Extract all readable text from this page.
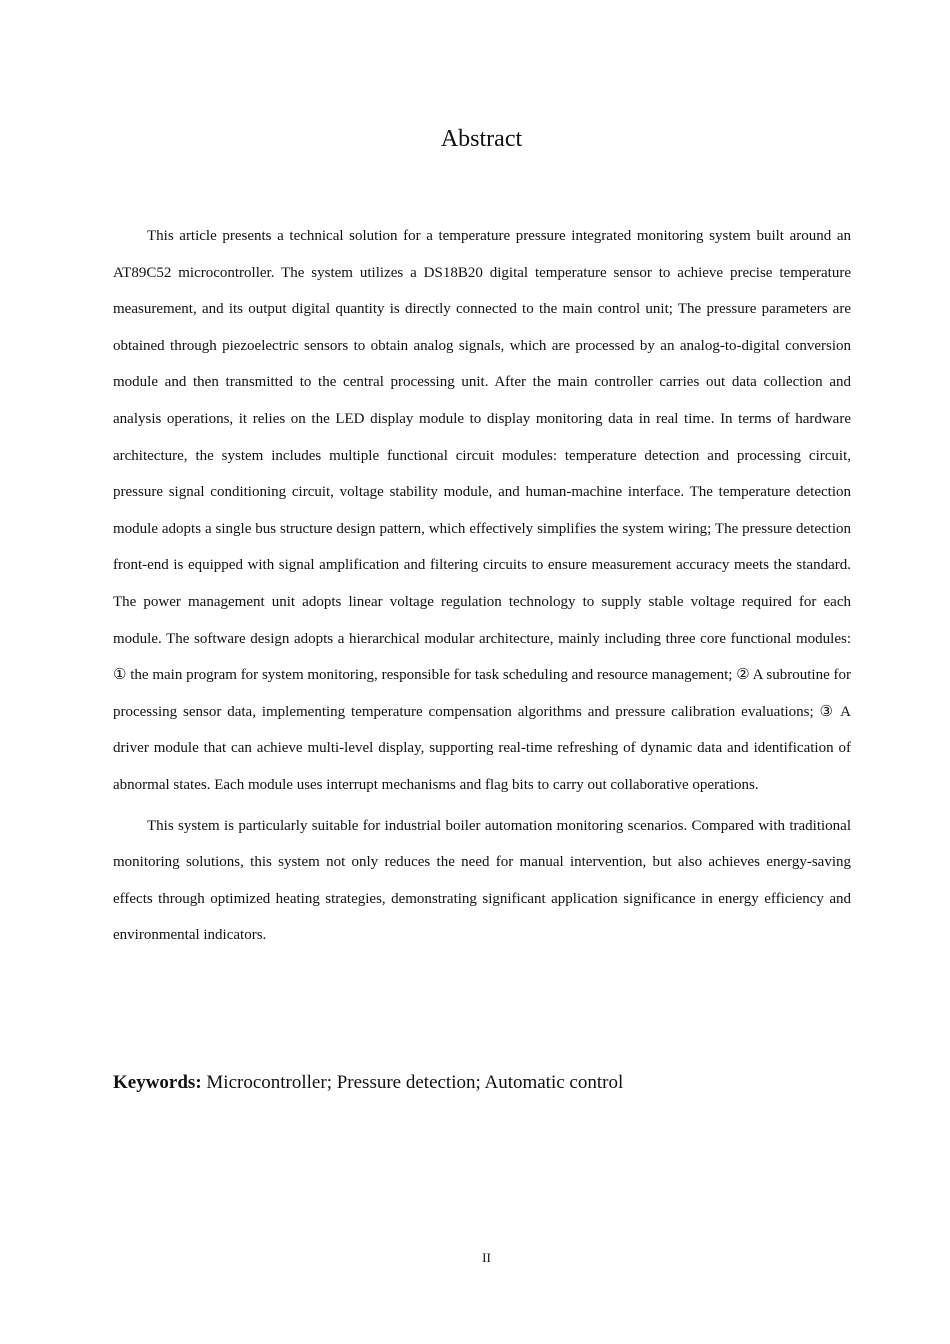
Abstract

This article presents a technical solution for a temperature pressure integrated monitoring system built around an AT89C52 microcontroller. The system utilizes a DS18B20 digital temperature sensor to achieve precise temperature measurement, and its output digital quantity is directly connected to the main control unit; The pressure parameters are obtained through piezoelectric sensors to obtain analog signals, which are processed by an analog-to-digital conversion module and then transmitted to the central processing unit. After the main controller carries out data collection and analysis operations, it relies on the LED display module to display monitoring data in real time. In terms of hardware architecture, the system includes multiple functional circuit modules: temperature detection and processing circuit, pressure signal conditioning circuit, voltage stability module, and human-machine interface. The temperature detection module adopts a single bus structure design pattern, which effectively simplifies the system wiring; The pressure detection front-end is equipped with signal amplification and filtering circuits to ensure measurement accuracy meets the standard. The power management unit adopts linear voltage regulation technology to supply stable voltage required for each module. The software design adopts a hierarchical modular architecture, mainly including three core functional modules: ① the main program for system monitoring, responsible for task scheduling and resource management; ② A subroutine for processing sensor data, implementing temperature compensation algorithms and pressure calibration evaluations; ③ A driver module that can achieve multi-level display, supporting real-time refreshing of dynamic data and identification of abnormal states. Each module uses interrupt mechanisms and flag bits to carry out collaborative operations.

This system is particularly suitable for industrial boiler automation monitoring scenarios. Compared with traditional monitoring solutions, this system not only reduces the need for manual intervention, but also achieves energy-saving effects through optimized heating strategies, demonstrating significant application significance in energy efficiency and environmental indicators.

Keywords: Microcontroller; Pressure detection; Automatic control

II
